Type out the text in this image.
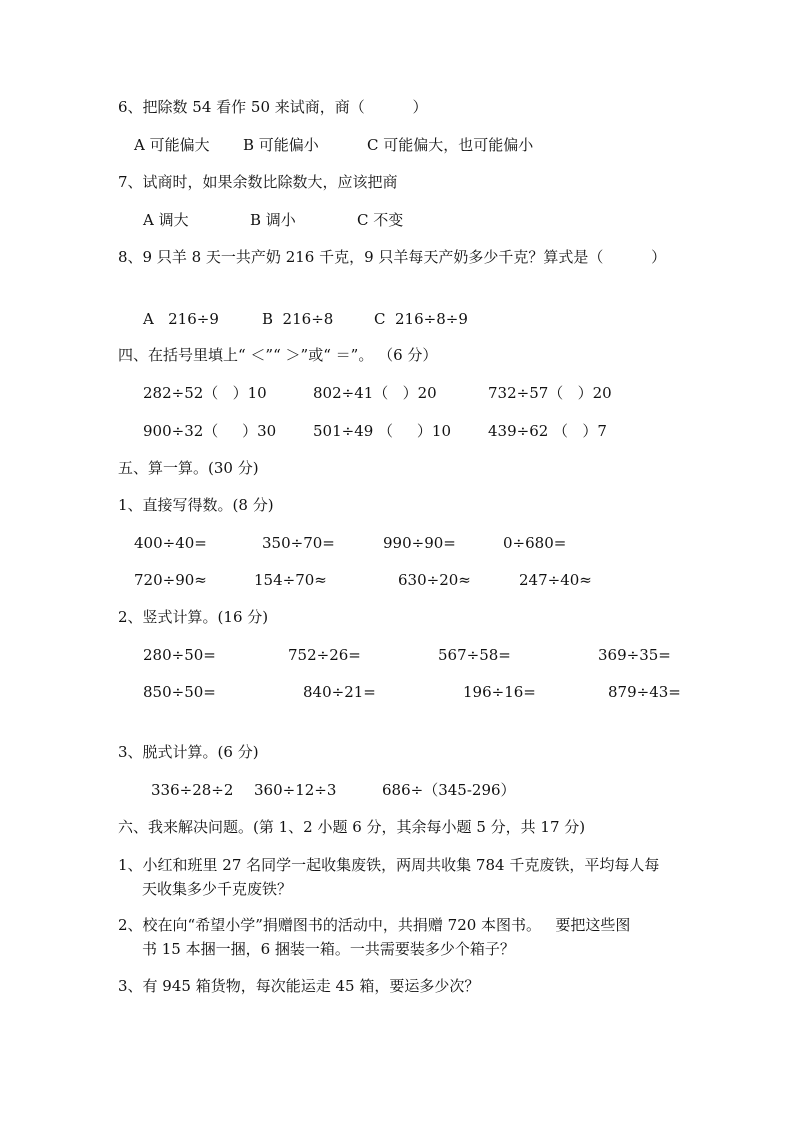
6、把除数 54 看作 50 来试商，商（          ）
A 可能偏大 B 可能偏小	C 可能偏大，也可能偏小
7、试商时，如果余数比除数大，应该把商
A 调大	B 调小	C 不变
8、9 只羊 8 天一共产奶 216 千克，9 只羊每天产奶多少千克？算式是（          ）
A   216÷9	B  216÷8	C  216÷8÷9
四、在括号里填上“ ＜”“ ＞”或“ ＝”。 （6 分）
282÷52（   ）10	802÷41（   ）20	732÷57（   ）20
900÷32（     ）30 501÷49 （     ）10 439÷62 （   ）7
五、算一算。(30 分)
1、直接写得数。(8 分)
400÷40=	350÷70=	990÷90=	0÷680=
720÷90≈	154÷70≈	630÷20≈	247÷40≈
2、竖式计算。(16 分)
280÷50=	752÷26=	567÷58=	369÷35=
850÷50=	840÷21=	196÷16=	879÷43=
3、脱式计算。(6 分)
336÷28÷2 360÷12÷3	686÷（345-296）
六、我来解决问题。(第 1、2 小题 6 分，其余每小题 5 分，共 17 分)
1、小红和班里 27 名同学一起收集废铁，两周共收集 784 千克废铁，平均每人每
天收集多少千克废铁？
2、校在向“希望小学”捐赠图书的活动中，共捐赠 720 本图书。   要把这些图
书 15 本捆一捆，6 捆装一箱。一共需要装多少个箱子？
3、有 945 箱货物，每次能运走 45 箱，要运多少次？
